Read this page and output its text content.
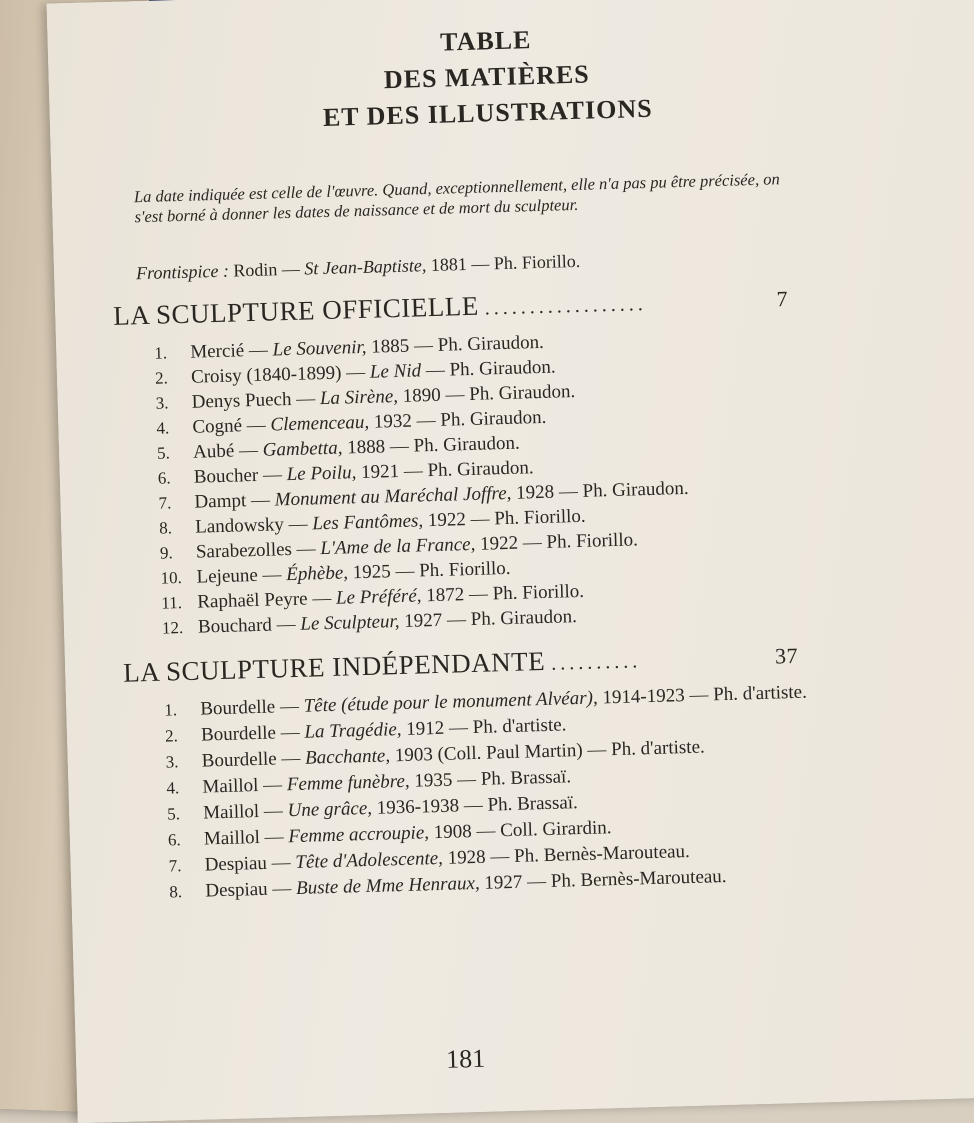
TABLE
DES MATIÈRES
ET DES ILLUSTRATIONS

La date indiquée est celle de l'œuvre. Quand, exceptionnellement, elle n'a pas pu être précisée, on s'est borné à donner les dates de naissance et de mort du sculpteur.

Frontispice : Rodin — St Jean-Baptiste, 1881 — Ph. Fiorillo.

LA SCULPTURE OFFICIELLE ..................	7
1. Mercié — Le Souvenir, 1885 — Ph. Giraudon.
2. Croisy (1840-1899) — Le Nid — Ph. Giraudon.
3. Denys Puech — La Sirène, 1890 — Ph. Giraudon.
4. Cogné — Clemenceau, 1932 — Ph. Giraudon.
5. Aubé — Gambetta, 1888 — Ph. Giraudon.
6. Boucher — Le Poilu, 1921 — Ph. Giraudon.
7. Dampt — Monument au Maréchal Joffre, 1928 — Ph. Giraudon.
8. Landowsky — Les Fantômes, 1922 — Ph. Fiorillo.
9. Sarabezolles — L'Ame de la France, 1922 — Ph. Fiorillo.
10. Lejeune — Éphèbe, 1925 — Ph. Fiorillo.
11. Raphaël Peyre — Le Préféré, 1872 — Ph. Fiorillo.
12. Bouchard — Le Sculpteur, 1927 — Ph. Giraudon.
LA SCULPTURE INDÉPENDANTE ..........	37
1. Bourdelle — Tête (étude pour le monument Alvéar), 1914-1923 — Ph. d'artiste.
2. Bourdelle — La Tragédie, 1912 — Ph. d'artiste.
3. Bourdelle — Bacchante, 1903 (Coll. Paul Martin) — Ph. d'artiste.
4. Maillol — Femme funèbre, 1935 — Ph. Brassaï.
5. Maillol — Une grâce, 1936-1938 — Ph. Brassaï.
6. Maillol — Femme accroupie, 1908 — Coll. Girardin.
7. Despiau — Tête d'Adolescente, 1928 — Ph. Bernès-Marouteau.
8. Despiau — Buste de Mme Henraux, 1927 — Ph. Bernès-Marouteau.
181
